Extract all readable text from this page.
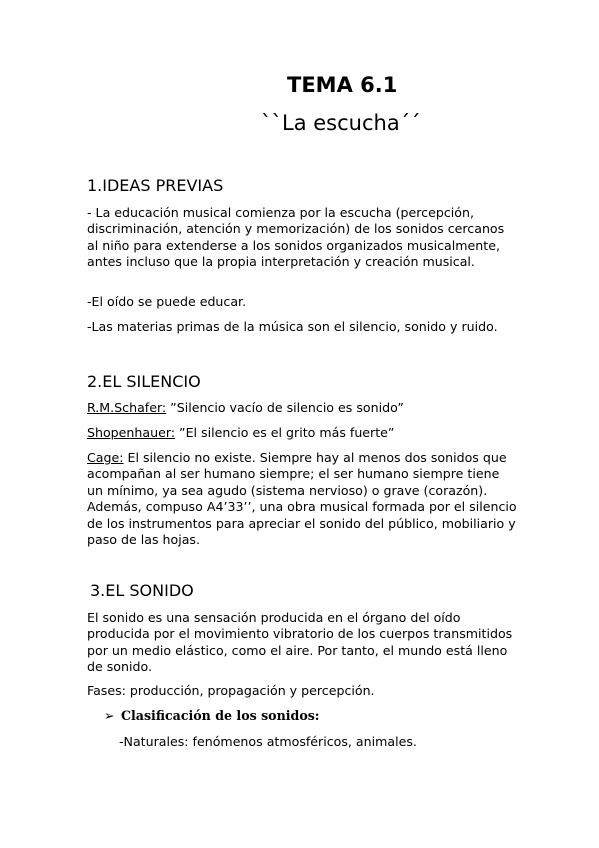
TEMA 6.1
``La escucha´´
1.IDEAS PREVIAS
- La educación musical comienza por la escucha (percepción, discriminación, atención y memorización) de los sonidos cercanos al niño para extenderse a los sonidos organizados musicalmente, antes incluso que la propia interpretación y creación musical.
-El oído se puede educar.
-Las materias primas de la música son el silencio, sonido y ruido.
2.EL SILENCIO
R.M.Schafer: ”Silencio vacío de silencio es sonido”
Shopenhauer: ”El silencio es el grito más fuerte”
Cage: El silencio no existe. Siempre hay al menos dos sonidos que acompañan al ser humano siempre; el ser humano siempre tiene un mínimo, ya sea agudo (sistema nervioso) o grave (corazón). Además, compuso A4’33’’, una obra musical formada por el silencio de los instrumentos para apreciar el sonido del público, mobiliario y paso de las hojas.
3.EL SONIDO
El sonido es una sensación producida en el órgano del oído producida por el movimiento vibratorio de los cuerpos transmitidos por un medio elástico, como el aire. Por tanto, el mundo está lleno de sonido.
Fases: producción, propagación y percepción.
➢ Clasificación de los sonidos:
-Naturales: fenómenos atmosféricos, animales.
